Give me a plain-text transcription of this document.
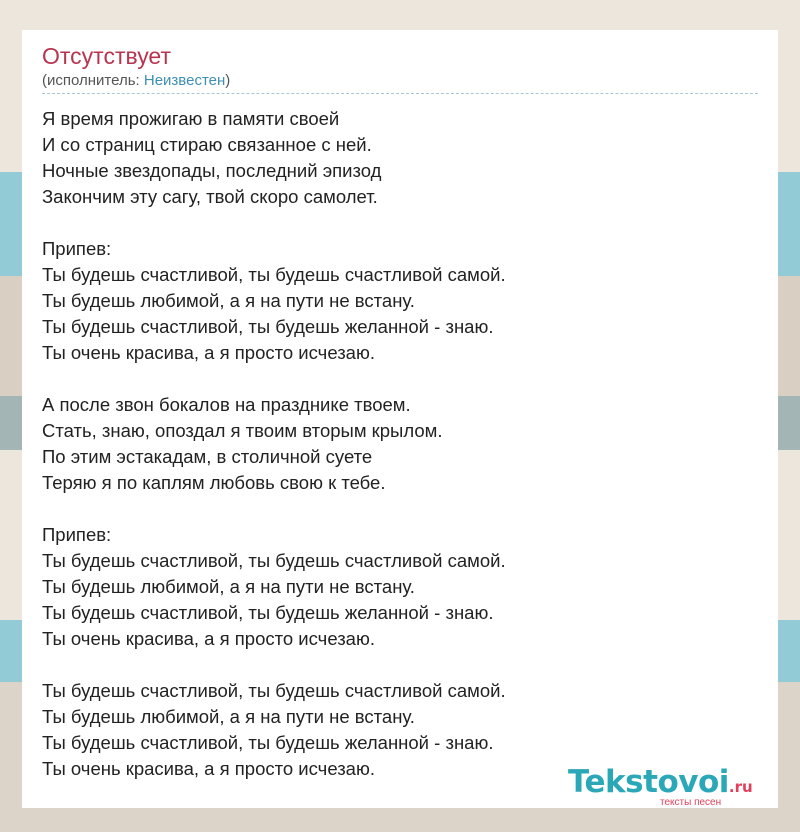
Отсутствует
(исполнитель: Неизвестен)
Я время прожигаю в памяти своей
И со страниц стираю связанное с ней.
Ночные звездопады, последний эпизод
Закончим эту сагу, твой скоро самолет.
Припев:
Ты будешь счастливой, ты будешь счастливой самой.
Ты будешь любимой, а я на пути не встану.
Ты будешь счастливой, ты будешь желанной - знаю.
Ты очень красива, а я просто исчезаю.
А после звон бокалов на празднике твоем.
Стать, знаю, опоздал я твоим вторым крылом.
По этим эстакадам, в столичной суете
Теряю я по каплям любовь свою к тебе.
Припев:
Ты будешь счастливой, ты будешь счастливой самой.
Ты будешь любимой, а я на пути не встану.
Ты будешь счастливой, ты будешь желанной - знаю.
Ты очень красива, а я просто исчезаю.
Ты будешь счастливой, ты будешь счастливой самой.
Ты будешь любимой, а я на пути не встану.
Ты будешь счастливой, ты будешь желанной - знаю.
Ты очень красива, а я просто исчезаю.	Tekstovoi.ru
тексты песен
